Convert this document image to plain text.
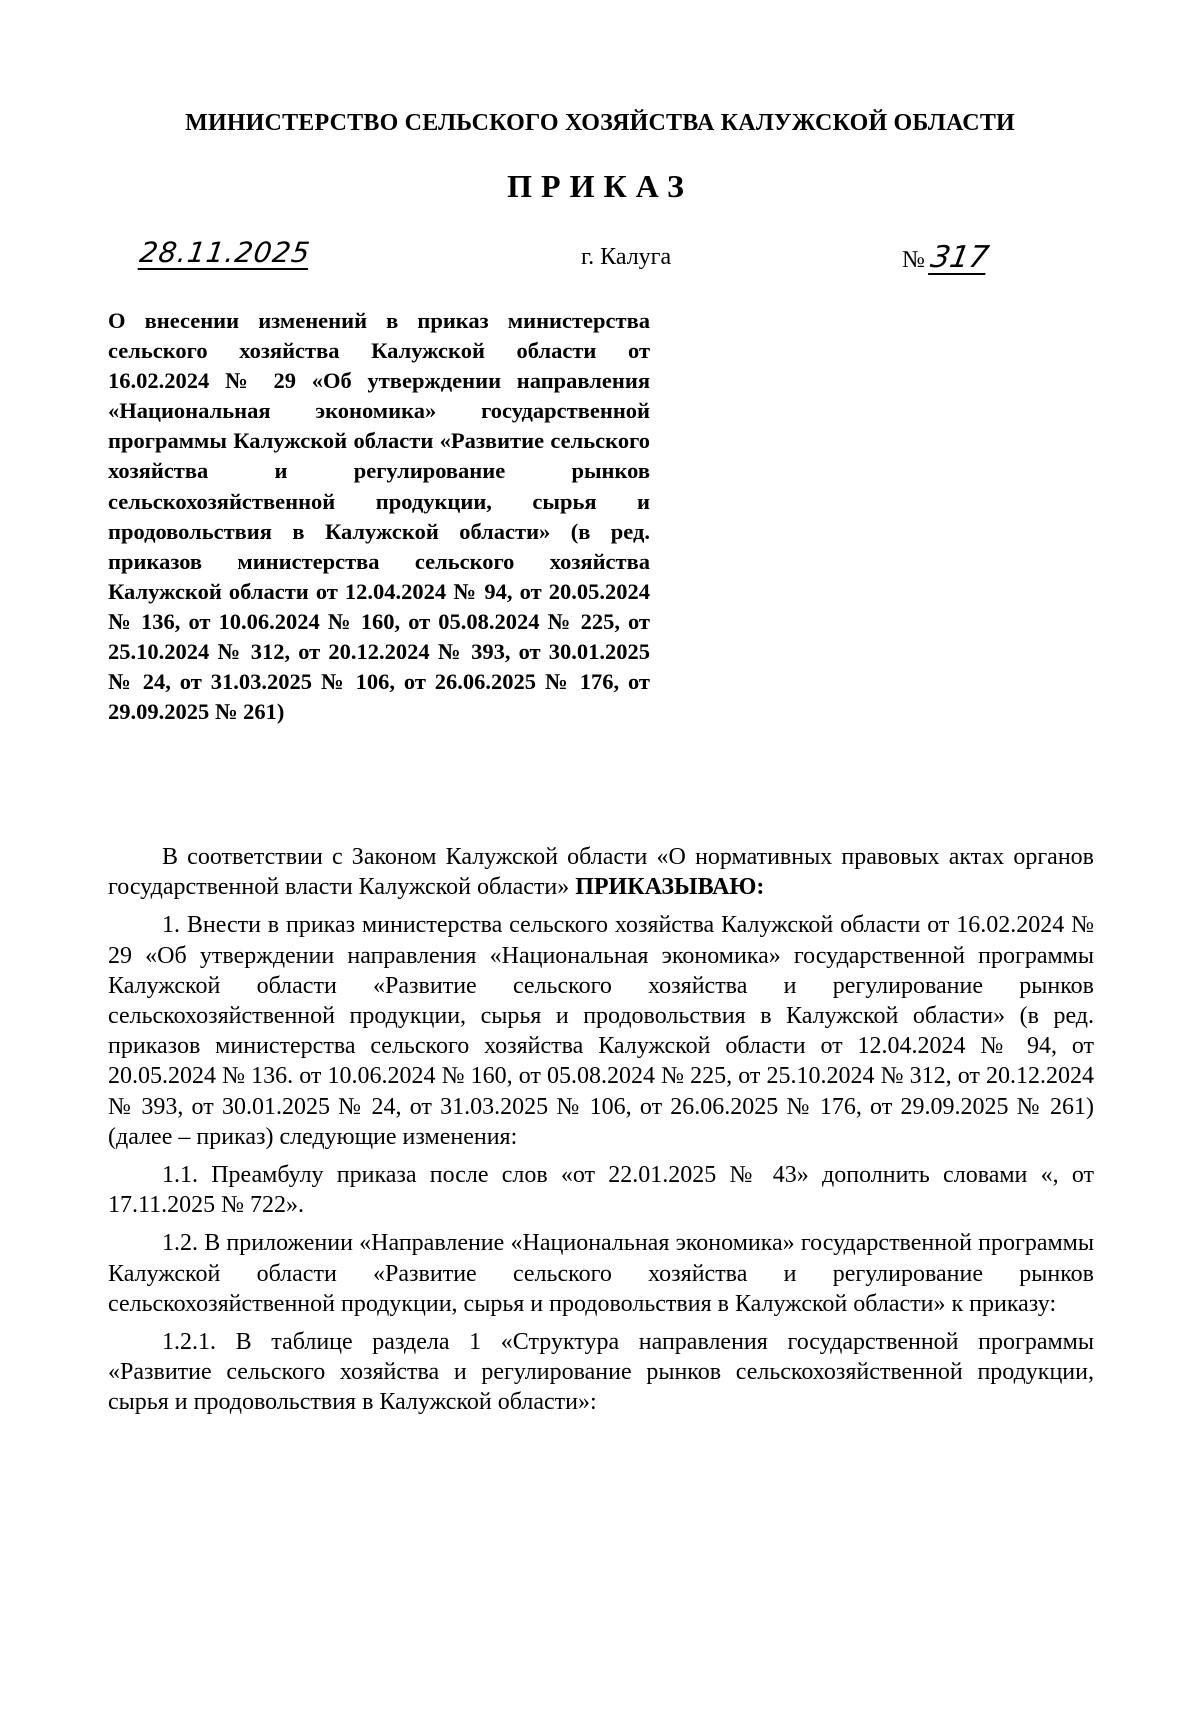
МИНИСТЕРСТВО СЕЛЬСКОГО ХОЗЯЙСТВА КАЛУЖСКОЙ ОБЛАСТИ
ПРИКАЗ
28.11.2025	г. Калуга	№317
О внесении изменений в приказ министерства сельского хозяйства Калужской области от 16.02.2024 № 29 «Об утверждении направления «Национальная экономика» государственной программы Калужской области «Развитие сельского хозяйства и регулирование рынков сельскохозяйственной продукции, сырья и продовольствия в Калужской области» (в ред. приказов министерства сельского хозяйства Калужской области от 12.04.2024 № 94, от 20.05.2024 № 136, от 10.06.2024 № 160, от 05.08.2024 № 225, от 25.10.2024 № 312, от 20.12.2024 № 393, от 30.01.2025 № 24, от 31.03.2025 № 106, от 26.06.2025 № 176, от 29.09.2025 № 261)

В соответствии с Законом Калужской области «О нормативных правовых актах органов государственной власти Калужской области» ПРИКАЗЫВАЮ:

1. Внести в приказ министерства сельского хозяйства Калужской области от 16.02.2024 № 29 «Об утверждении направления «Национальная экономика» государственной программы Калужской области «Развитие сельского хозяйства и регулирование рынков сельскохозяйственной продукции, сырья и продовольствия в Калужской области» (в ред. приказов министерства сельского хозяйства Калужской области от 12.04.2024 № 94, от 20.05.2024 № 136. от 10.06.2024 № 160, от 05.08.2024 № 225, от 25.10.2024 № 312, от 20.12.2024 № 393, от 30.01.2025 № 24, от 31.03.2025 № 106, от 26.06.2025 № 176, от 29.09.2025 № 261) (далее – приказ) следующие изменения:

1.1. Преамбулу приказа после слов «от 22.01.2025 № 43» дополнить словами «, от 17.11.2025 № 722».

1.2. В приложении «Направление «Национальная экономика» государственной программы Калужской области «Развитие сельского хозяйства и регулирование рынков сельскохозяйственной продукции, сырья и продовольствия в Калужской области» к приказу:

1.2.1. В таблице раздела 1 «Структура направления государственной программы «Развитие сельского хозяйства и регулирование рынков сельскохозяйственной продукции, сырья и продовольствия в Калужской области»:
